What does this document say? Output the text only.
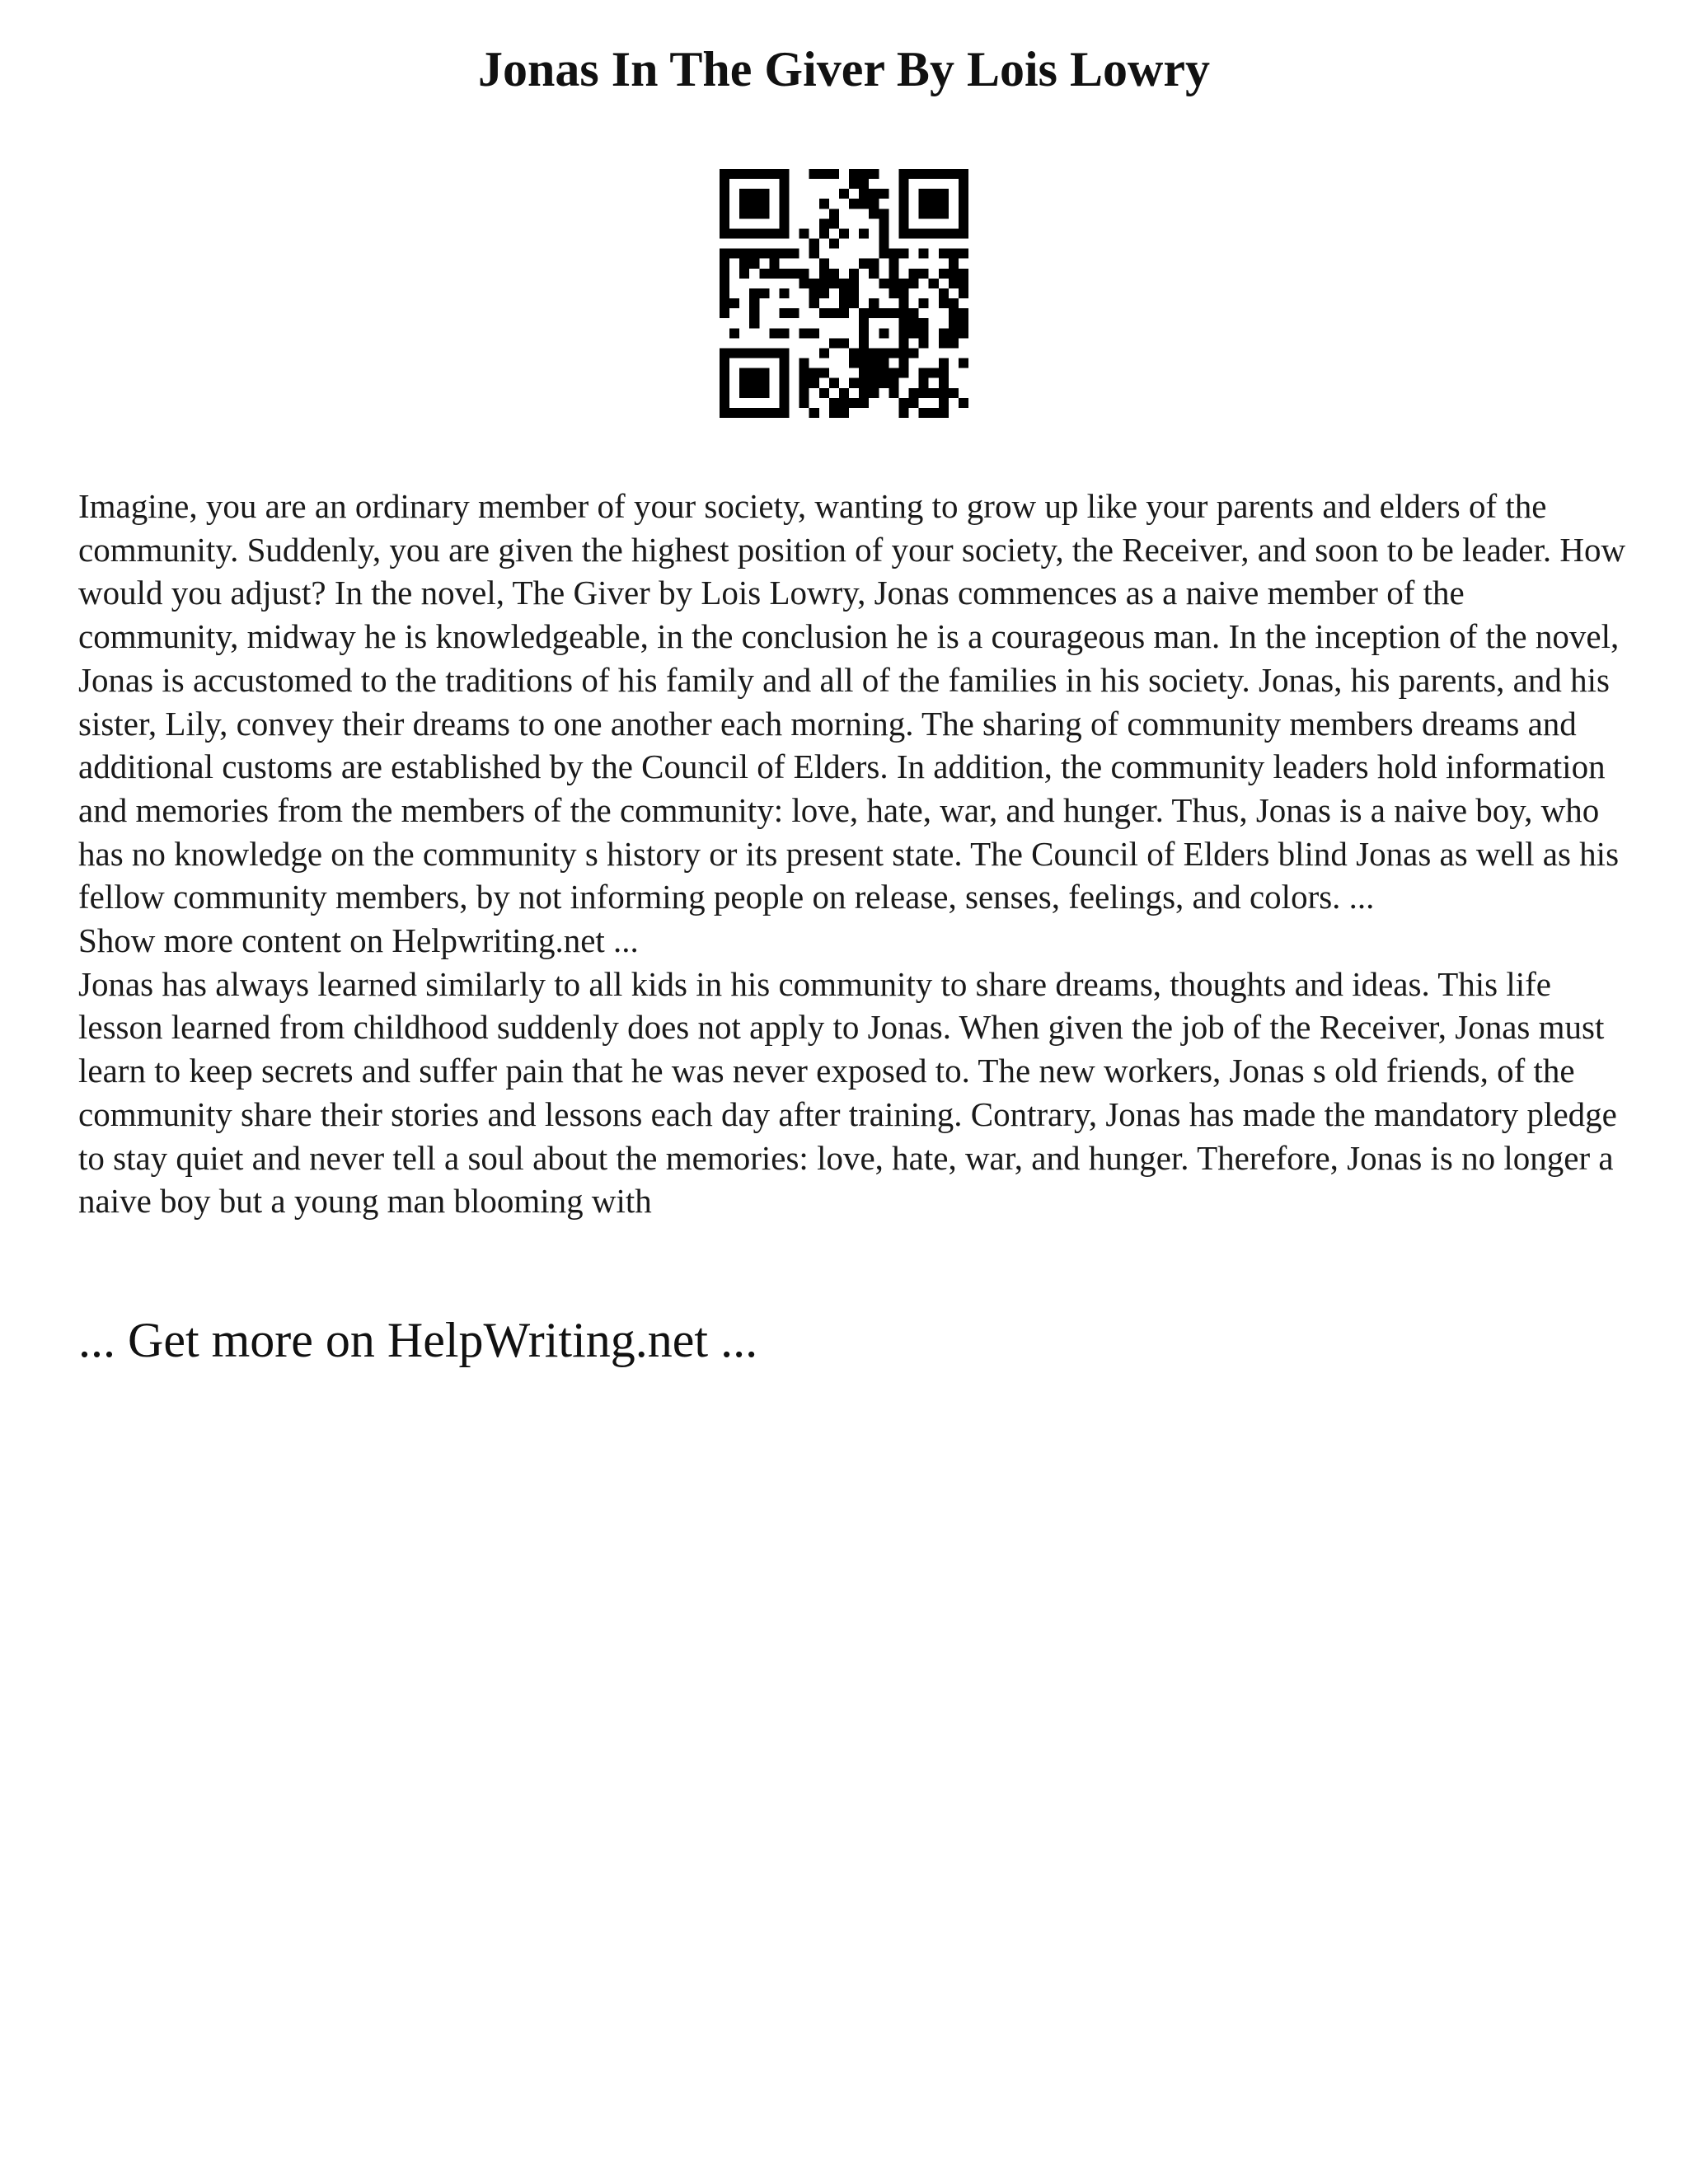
Jonas In The Giver By Lois Lowry

Imagine, you are an ordinary member of your society, wanting to grow up like your parents and elders of the community. Suddenly, you are given the highest position of your society, the Receiver, and soon to be leader. How would you adjust? In the novel, The Giver by Lois Lowry, Jonas commences as a naive member of the community, midway he is knowledgeable, in the conclusion he is a courageous man. In the inception of the novel, Jonas is accustomed to the traditions of his family and all of the families in his society. Jonas, his parents, and his sister, Lily, convey their dreams to one another each morning. The sharing of community members dreams and additional customs are established by the Council of Elders. In addition, the community leaders hold information and memories from the members of the community: love, hate, war, and hunger. Thus, Jonas is a naive boy, who has no knowledge on the community s history or its present state. The Council of Elders blind Jonas as well as his fellow community members, by not informing people on release, senses, feelings, and colors. ...

Show more content on Helpwriting.net ...

Jonas has always learned similarly to all kids in his community to share dreams, thoughts and ideas. This life lesson learned from childhood suddenly does not apply to Jonas. When given the job of the Receiver, Jonas must learn to keep secrets and suffer pain that he was never exposed to. The new workers, Jonas s old friends, of the community share their stories and lessons each day after training. Contrary, Jonas has made the mandatory pledge to stay quiet and never tell a soul about the memories: love, hate, war, and hunger. Therefore, Jonas is no longer a naive boy but a young man blooming with

... Get more on HelpWriting.net ...
